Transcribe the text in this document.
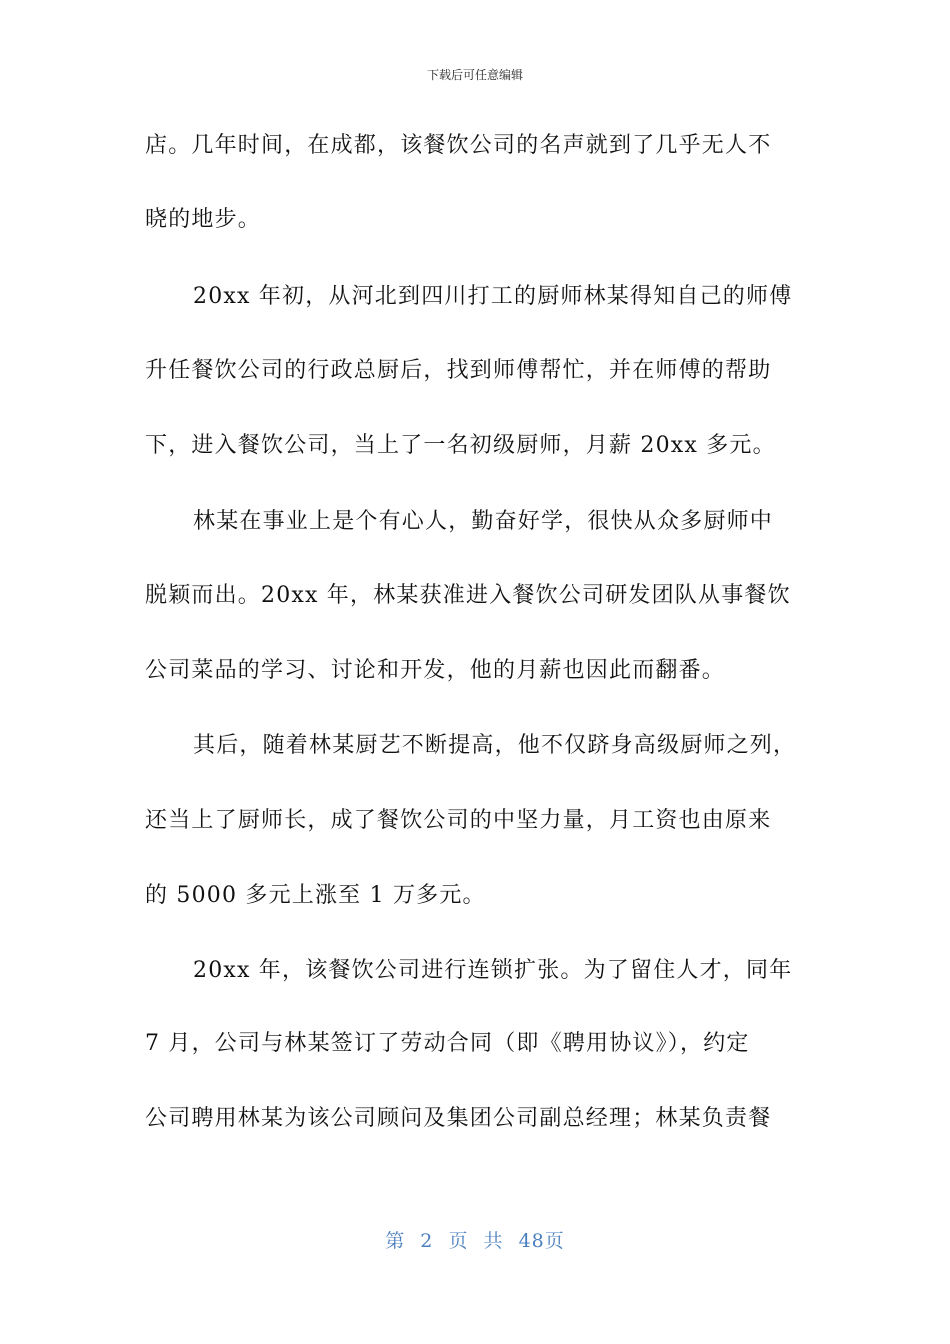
下载后可任意编辑
店。几年时间，在成都，该餐饮公司的名声就到了几乎无人不
晓的地步。
20xx 年初，从河北到四川打工的厨师林某得知自己的师傅
升任餐饮公司的行政总厨后，找到师傅帮忙，并在师傅的帮助
下，进入餐饮公司，当上了一名初级厨师，月薪 20xx 多元。
林某在事业上是个有心人，勤奋好学，很快从众多厨师中
脱颖而出。20xx 年，林某获准进入餐饮公司研发团队从事餐饮
公司菜品的学习、讨论和开发，他的月薪也因此而翻番。
其后，随着林某厨艺不断提高，他不仅跻身高级厨师之列，
还当上了厨师长，成了餐饮公司的中坚力量，月工资也由原来
的 5000 多元上涨至 1 万多元。
20xx 年，该餐饮公司进行连锁扩张。为了留住人才，同年
7 月，公司与林某签订了劳动合同（即《聘用协议》），约定
公司聘用林某为该公司顾问及集团公司副总经理；林某负责餐
第 2 页 共 48页
